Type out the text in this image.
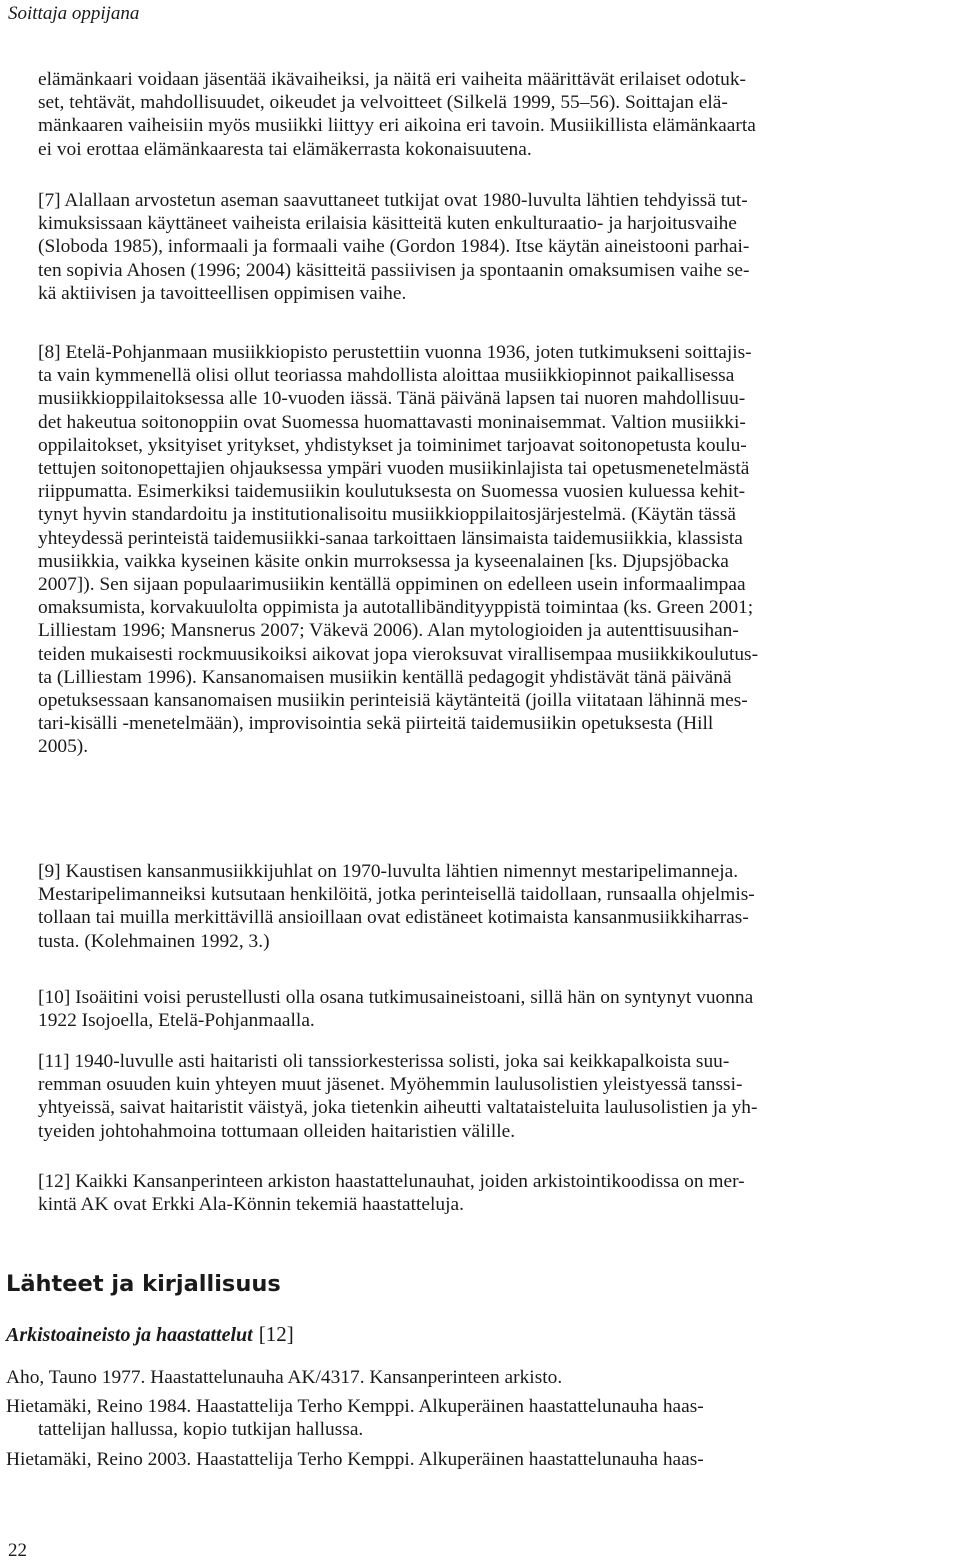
Soittaja oppijana
elämänkaari voidaan jäsentää ikävaiheiksi, ja näitä eri vaiheita määrittävät erilaiset odotuk-
set, tehtävät, mahdollisuudet, oikeudet ja velvoitteet (Silkelä 1999, 55–56). Soittajan elä-
mänkaaren vaiheisiin myös musiikki liittyy eri aikoina eri tavoin. Musiikillista elämänkaarta
ei voi erottaa elämänkaaresta tai elämäkerrasta kokonaisuutena.
[7] Alallaan arvostetun aseman saavuttaneet tutkijat ovat 1980-luvulta lähtien tehdyissä tut-
kimuksissaan käyttäneet vaiheista erilaisia käsitteitä kuten enkulturaatio- ja harjoitusvaihe
(Sloboda 1985), informaali ja formaali vaihe (Gordon 1984). Itse käytän aineistooni parhai-
ten sopivia Ahosen (1996; 2004) käsitteitä passiivisen ja spontaanin omaksumisen vaihe se-
kä aktiivisen ja tavoitteellisen oppimisen vaihe.
[8] Etelä-Pohjanmaan musiikkiopisto perustettiin vuonna 1936, joten tutkimukseni soittajis-
ta vain kymmenellä olisi ollut teoriassa mahdollista aloittaa musiikkiopinnot paikallisessa
musiikkioppilaitoksessa alle 10-vuoden iässä. Tänä päivänä lapsen tai nuoren mahdollisuu-
det hakeutua soitonoppiin ovat Suomessa huomattavasti moninaisemmat. Valtion musiikki-
oppilaitokset, yksityiset yritykset, yhdistykset ja toiminimet tarjoavat soitonopetusta koulu-
tettujen soitonopettajien ohjauksessa ympäri vuoden musiikinlajista tai opetusmenetelmästä
riippumatta. Esimerkiksi taidemusiikin koulutuksesta on Suomessa vuosien kuluessa kehit-
tynyt hyvin standardoitu ja institutionalisoitu musiikkioppilaitosjärjestelmä. (Käytän tässä
yhteydessä perinteistä taidemusiikki-sanaa tarkoittaen länsimaista taidemusiikkia, klassista
musiikkia, vaikka kyseinen käsite onkin murroksessa ja kyseenalainen [ks. Djupsjöbacka
2007]). Sen sijaan populaarimusiikin kentällä oppiminen on edelleen usein informaalimpaa
omaksumista, korvakuulolta oppimista ja autotallibändityyppistä toimintaa (ks. Green 2001;
Lilliestam 1996; Mansnerus 2007; Väkevä 2006). Alan mytologioiden ja autenttisuusihan-
teiden mukaisesti rockmuusikoiksi aikovat jopa vieroksuvat virallisempaa musiikkikoulutus-
ta (Lilliestam 1996). Kansanomaisen musiikin kentällä pedagogit yhdistävät tänä päivänä
opetuksessaan kansanomaisen musiikin perinteisiä käytänteitä (joilla viitataan lähinnä mes-
tari-kisälli -menetelmään), improvisointia sekä piirteitä taidemusiikin opetuksesta (Hill
2005).
[9] Kaustisen kansanmusiikkijuhlat on 1970-luvulta lähtien nimennyt mestaripelimanneja.
Mestaripelimanneiksi kutsutaan henkilöitä, jotka perinteisellä taidollaan, runsaalla ohjelmis-
tollaan tai muilla merkittävillä ansioillaan ovat edistäneet kotimaista kansanmusiikkiharras-
tusta. (Kolehmainen 1992, 3.)
[10] Isoäitini voisi perustellusti olla osana tutkimusaineistoani, sillä hän on syntynyt vuonna
1922 Isojoella, Etelä-Pohjanmaalla.
[11] 1940-luvulle asti haitaristi oli tanssiorkesterissa solisti, joka sai keikkapalkoista suu-
remman osuuden kuin yhteyen muut jäsenet. Myöhemmin laulusolistien yleistyessä tanssi-
yhtyeissä, saivat haitaristit väistyä, joka tietenkin aiheutti valtataisteluita laulusolistien ja yh-
tyeiden johtohahmoina tottumaan olleiden haitaristien välille.
[12] Kaikki Kansanperinteen arkiston haastattelunauhat, joiden arkistointikoodissa on mer-
kintä AK ovat Erkki Ala-Könnin tekemiä haastatteluja.
Lähteet ja kirjallisuus
Arkistoaineisto ja haastattelut [12]
Aho, Tauno 1977. Haastattelunauha AK/4317. Kansanperinteen arkisto.
Hietamäki, Reino 1984. Haastattelija Terho Kemppi. Alkuperäinen haastattelunauha haas-
tattelijan hallussa, kopio tutkijan hallussa.
Hietamäki, Reino 2003. Haastattelija Terho Kemppi. Alkuperäinen haastattelunauha haas-
22
